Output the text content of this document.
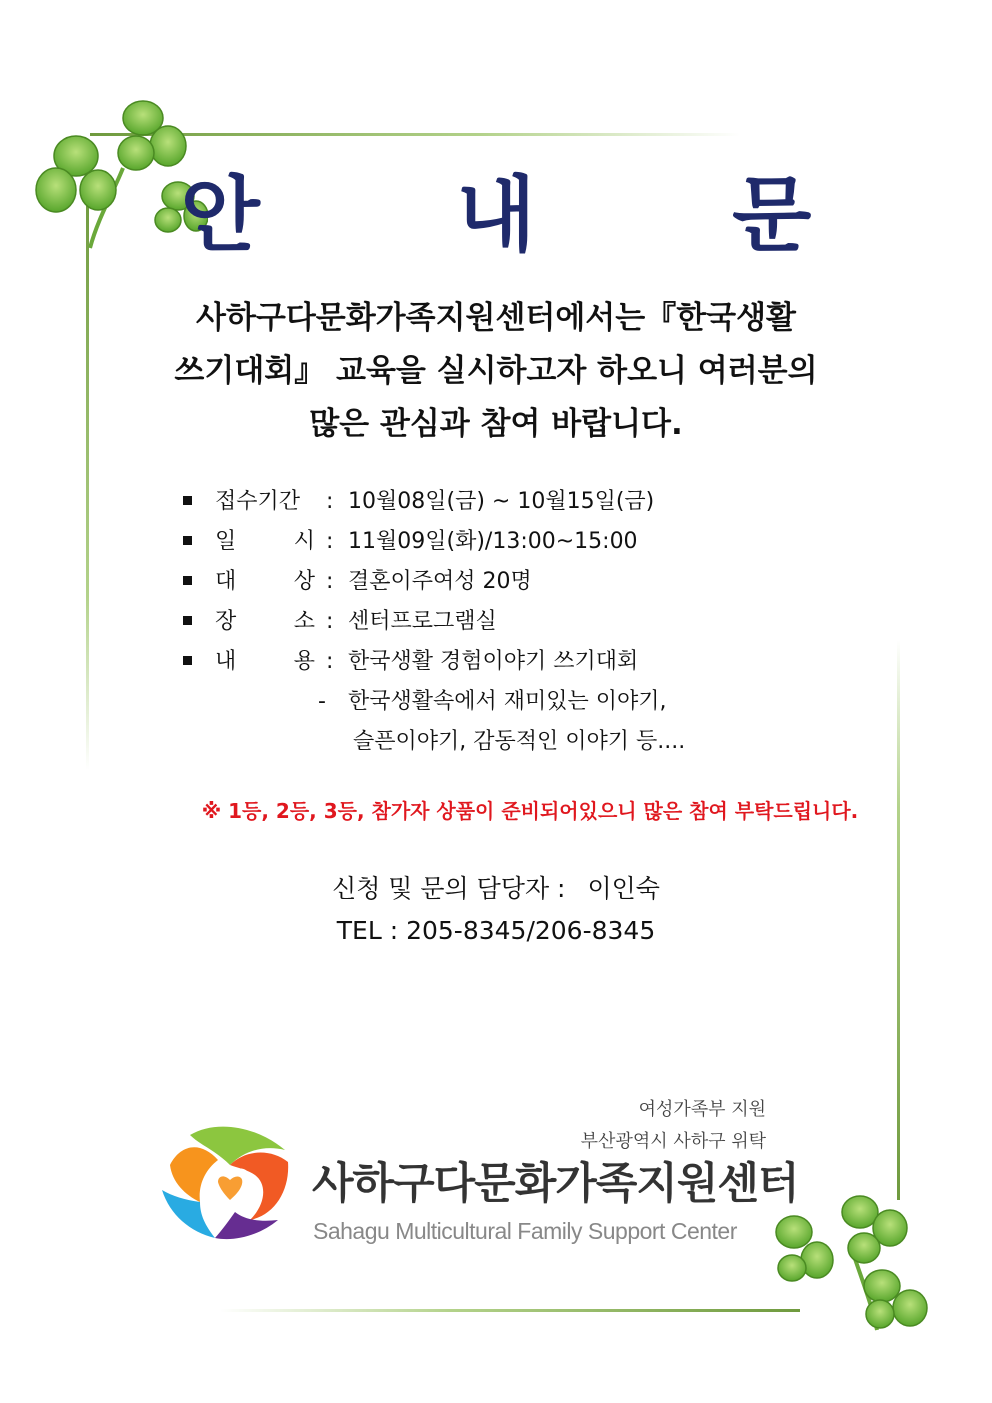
안 내 문
사하구다문화가족지원센터에서는『한국생활
쓰기대회』 교육을 실시하고자 하오니 여러분의
많은 관심과 참여 바랍니다.
접수기간	: 10월08일(금) ~ 10월15일(금)
일	시 : 11월09일(화)/13:00~15:00
대	상 : 결혼이주여성 20명
장	소 : 센터프로그램실
내	용 : 한국생활 경험이야기 쓰기대회
- 한국생활속에서 재미있는 이야기,
슬픈이야기, 감동적인 이야기 등....
※ 1등, 2등, 3등, 참가자 상품이 준비되어있으니 많은 참여 부탁드립니다.
신청 및 문의 담당자 : 이인숙
TEL : 205-8345/206-8345
여성가족부 지원
부산광역시 사하구 위탁
사하구다문화가족지원센터
Sahagu Multicultural Family Support Center
